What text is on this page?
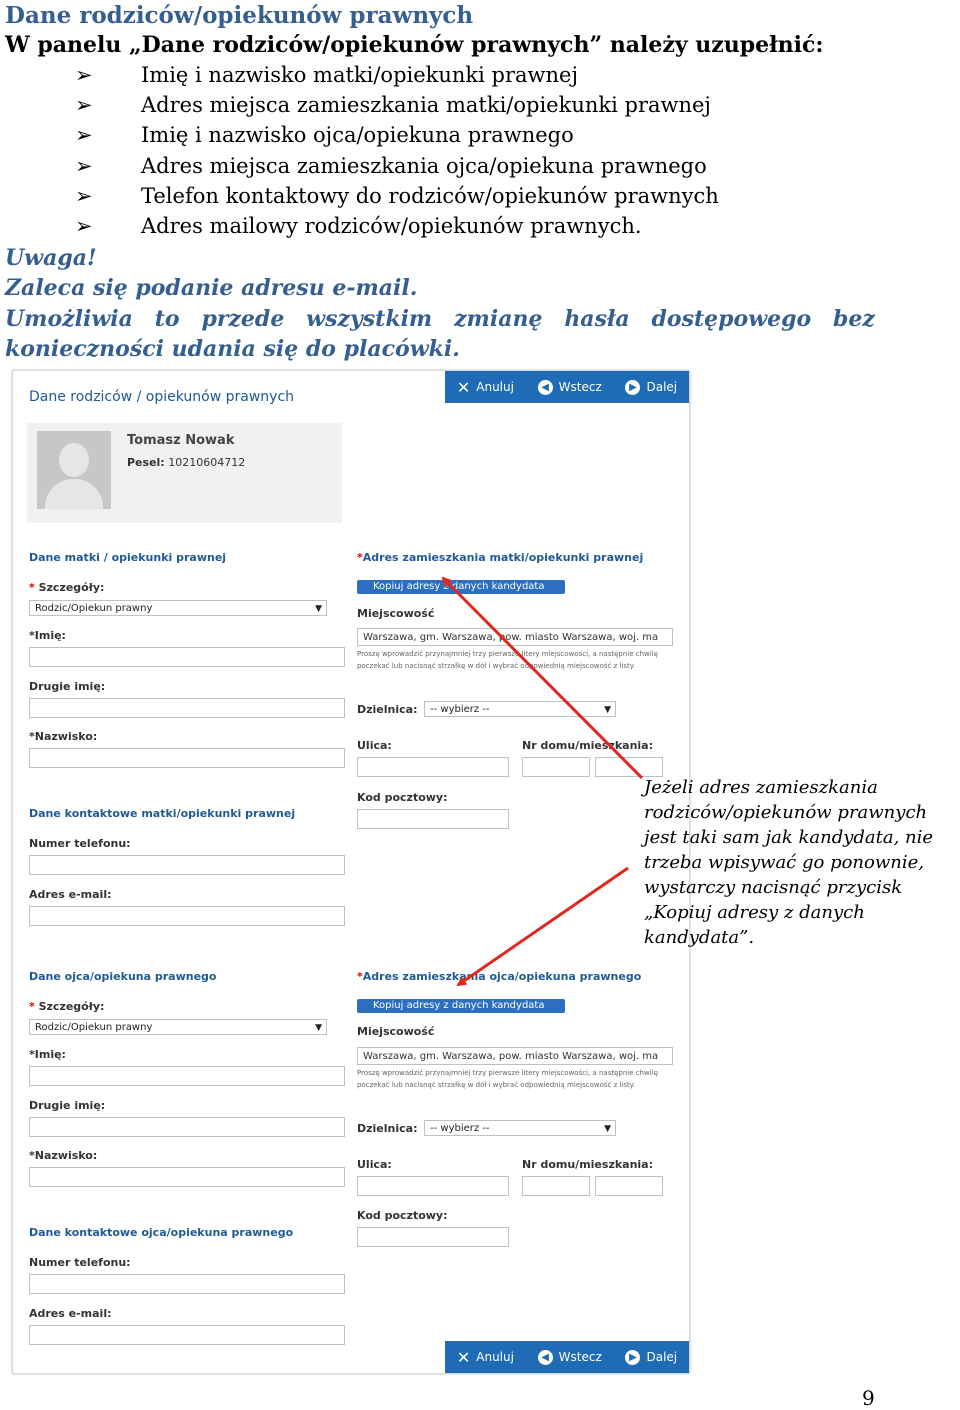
Dane rodziców/opiekunów prawnych
W panelu „Dane rodziców/opiekunów prawnych” należy uzupełnić:
➢ Imię i nazwisko matki/opiekunki prawnej
➢ Adres miejsca zamieszkania matki/opiekunki prawnej
➢ Imię i nazwisko ojca/opiekuna prawnego
➢ Adres miejsca zamieszkania ojca/opiekuna prawnego
➢ Telefon kontaktowy do rodziców/opiekunów prawnych
➢ Adres mailowy rodziców/opiekunów prawnych.
Uwaga!
Zaleca się podanie adresu e-mail.
Umożliwia to przede wszystkim zmianę hasła dostępowego bez
konieczności udania się do placówki.
✕ Anuluj	◀ Wstecz	▶ Dalej
Dane rodziców / opiekunów prawnych
Tomasz Nowak
Pesel: 10210604712
Dane matki / opiekunki prawnej
* Szczegóły:
Rodzic/Opiekun prawny	▼
*Imię:
Drugie imię:
*Nazwisko:
Dane kontaktowe matki/opiekunki prawnej
Numer telefonu:
Adres e-mail:
*Adres zamieszkania matki/opiekunki prawnej
Kopiuj adresy z danych kandydata
Miejscowość
Warszawa, gm. Warszawa, pow. miasto Warszawa, woj. ma
Proszę wprowadzić przynajmniej trzy pierwsze litery miejscowości, a następnie chwilę poczekać lub nacisnąć strzałkę w dół i wybrać odpowiednią miejscowość z listy.
Dzielnica:	-- wybierz --	▼
Ulica:	Nr domu/mieszkania:
Kod pocztowy:
Dane ojca/opiekuna prawnego
* Szczegóły:
Rodzic/Opiekun prawny	▼
*Imię:
Drugie imię:
*Nazwisko:
Dane kontaktowe ojca/opiekuna prawnego
Numer telefonu:
Adres e-mail:
*Adres zamieszkania ojca/opiekuna prawnego
Kopiuj adresy z danych kandydata
Miejscowość
Warszawa, gm. Warszawa, pow. miasto Warszawa, woj. ma
Proszę wprowadzić przynajmniej trzy pierwsze litery miejscowości, a następnie chwilę poczekać lub nacisnąć strzałkę w dół i wybrać odpowiednią miejscowość z listy.
Dzielnica:	-- wybierz --	▼
Ulica:	Nr domu/mieszkania:
Kod pocztowy:
✕ Anuluj	◀ Wstecz	▶ Dalej
Jeżeli adres zamieszkania rodziców/opiekunów prawnych jest taki sam jak kandydata, nie trzeba wpisywać go ponownie, wystarczy nacisnąć przycisk „Kopiuj adresy z danych kandydata”.
9
